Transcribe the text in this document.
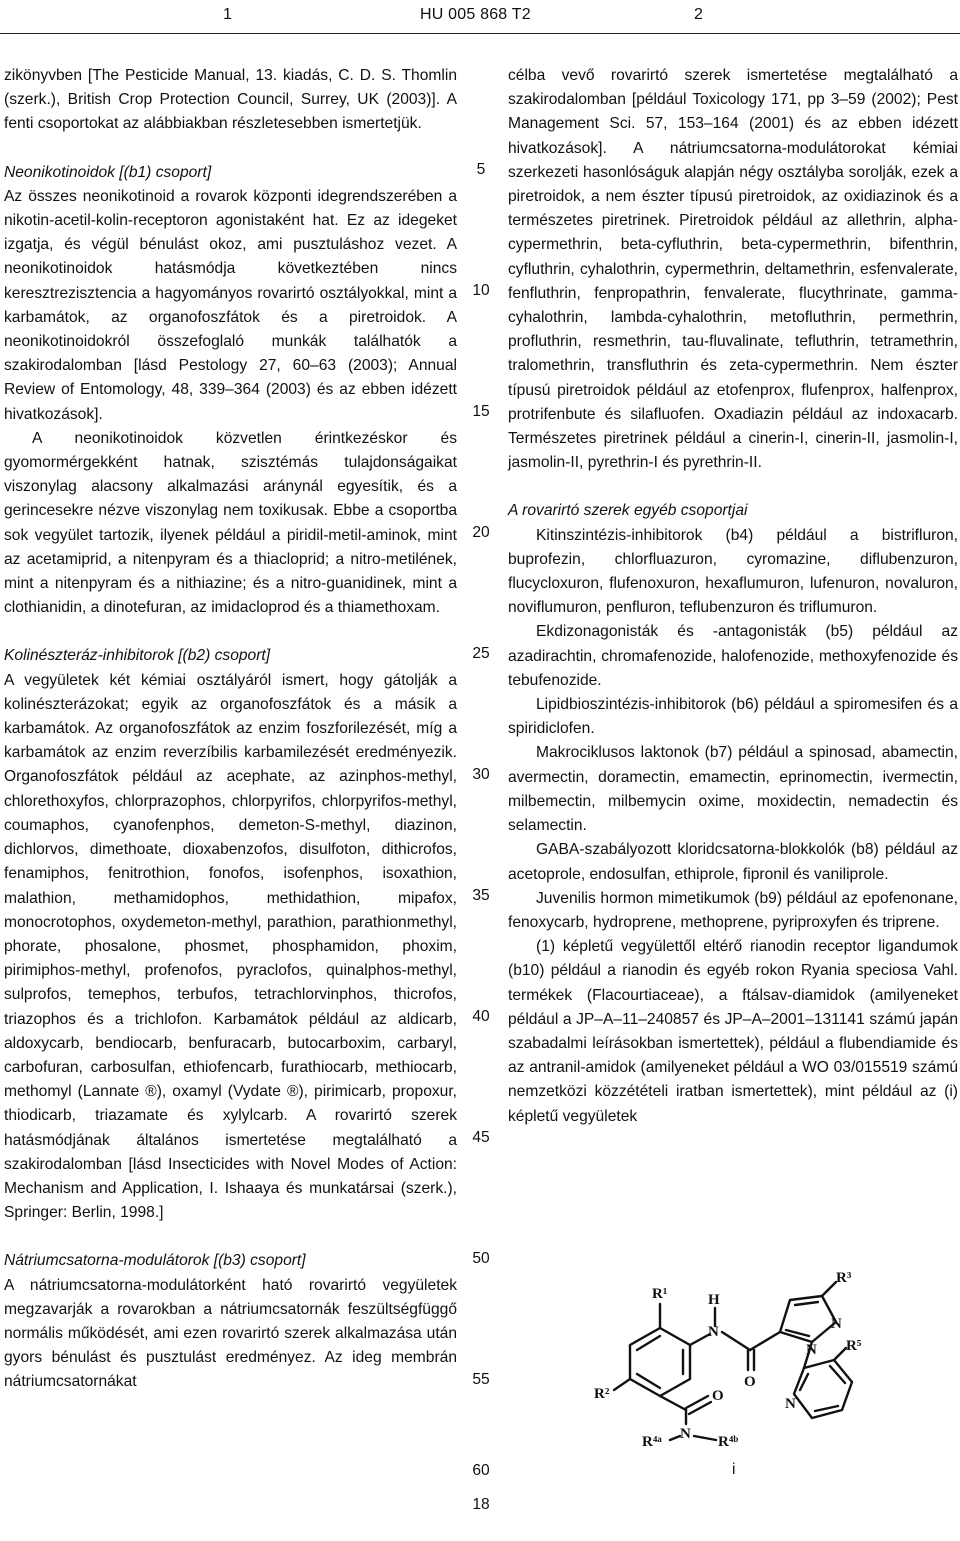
1	HU 005 868 T2	2

zikönyvben [The Pesticide Manual, 13. kiadás, C. D. S. Thomlin (szerk.), British Crop Protection Council, Surrey, UK (2003)]. A fenti csoportokat az alábbiakban részletesebben ismertetjük.

Neonikotinoidok [(b1) csoport]

Az összes neonikotinoid a rovarok központi idegrendszerében a nikotin-acetil-kolin-receptoron agonistaként hat. Ez az idegeket izgatja, és végül bénulást okoz, ami pusztuláshoz vezet. A neonikotinoidok hatásmódja következtében nincs keresztrezisztencia a hagyományos rovarirtó osztályokkal, mint a karbamátok, az organofoszfátok és a piretroidok. A neonikotinoidokról összefoglaló munkák találhatók a szakirodalomban [lásd Pestology 27, 60–63 (2003); Annual Review of Entomology, 48, 339–364 (2003) és az ebben idézett hivatkozások].

A neonikotinoidok közvetlen érintkezéskor és gyomormérgekként hatnak, szisztémás tulajdonságaikat viszonylag alacsony alkalmazási aránynál egyesítik, és a gerincesekre nézve viszonylag nem toxikusak. Ebbe a csoportba sok vegyület tartozik, ilyenek például a piridil-metil-aminok, mint az acetamiprid, a nitenpyram és a thiacloprid; a nitro-metilének, mint a nitenpyram és a nithiazine; és a nitro-guanidinek, mint a clothianidin, a dinotefuran, az imidacloprod és a thiamethoxam.

Kolinészteráz-inhibitorok [(b2) csoport]

A vegyületek két kémiai osztályáról ismert, hogy gátolják a kolinészterázokat; egyik az organofoszfátok és a másik a karbamátok. Az organofoszfátok az enzim foszforilezését, míg a karbamátok az enzim reverzíbilis karbamilezését eredményezik. Organofoszfátok például az acephate, az azinphos-methyl, chlorethoxyfos, chlorprazophos, chlorpyrifos, chlorpyrifos-methyl, coumaphos, cyanofenphos, demeton-S-methyl, diazinon, dichlorvos, dimethoate, dioxabenzofos, disulfoton, dithicrofos, fenamiphos, fenitrothion, fonofos, isofenphos, isoxathion, malathion, methamidophos, methidathion, mipafox, monocrotophos, oxydemeton-methyl, parathion, parathionmethyl, phorate, phosalone, phosmet, phosphamidon, phoxim, pirimiphos-methyl, profenofos, pyraclofos, quinalphos-methyl, sulprofos, temephos, terbufos, tetrachlorvinphos, thicrofos, triazophos és a trichlofon. Karbamátok például az aldicarb, aldoxycarb, bendiocarb, benfuracarb, butocarboxim, carbaryl, carbofuran, carbosulfan, ethiofencarb, furathiocarb, methiocarb, methomyl (Lannate ®), oxamyl (Vydate ®), pirimicarb, propoxur, thiodicarb, triazamate és xylylcarb. A rovarirtó szerek hatásmódjának általános ismertetése megtalálható a szakirodalomban [lásd Insecticides with Novel Modes of Action: Mechanism and Application, I. Ishaaya és munkatársai (szerk.), Springer: Berlin, 1998.]

Nátriumcsatorna-modulátorok [(b3) csoport]

A nátriumcsatorna-modulátorként ható rovarirtó vegyületek megzavarják a rovarokban a nátriumcsatornák feszültségfüggő normális működését, ami ezen rovarirtó szerek alkalmazása után gyors bénulást és pusztulást eredményez. Az ideg membrán nátriumcsatornákat

célba vevő rovarirtó szerek ismertetése megtalálható a szakirodalomban [például Toxicology 171, pp 3–59 (2002); Pest Management Sci. 57, 153–164 (2001) és az ebben idézett hivatkozások]. A nátriumcsatorna-modulátorokat kémiai szerkezeti hasonlóságuk alapján négy osztályba sorolják, ezek a piretroidok, a nem észter típusú piretroidok, az oxidiazinok és a természetes piretrinek. Piretroidok például az allethrin, alpha-cypermethrin, beta-cyfluthrin, beta-cypermethrin, bifenthrin, cyfluthrin, cyhalothrin, cypermethrin, deltamethrin, esfenvalerate, fenfluthrin, fenpropathrin, fenvalerate, flucythrinate, gamma-cyhalothrin, lambda-cyhalothrin, metofluthrin, permethrin, profluthrin, resmethrin, tau-fluvalinate, tefluthrin, tetramethrin, tralomethrin, transfluthrin és zeta-cypermethrin. Nem észter típusú piretroidok például az etofenprox, flufenprox, halfenprox, protrifenbute és silafluofen. Oxadiazin például az indoxacarb. Természetes piretrinek például a cinerin-I, cinerin-II, jasmolin-I, jasmolin-II, pyrethrin-I és pyrethrin-II.

A rovarirtó szerek egyéb csoportjai

Kitinszintézis-inhibitorok (b4) például a bistrifluron, buprofezin, chlorfluazuron, cyromazine, diflubenzuron, flucycloxuron, flufenoxuron, hexaflumuron, lufenuron, novaluron, noviflumuron, penfluron, teflubenzuron és triflumuron.

Ekdizonagonisták és -antagonisták (b5) például az azadirachtin, chromafenozide, halofenozide, methoxyfenozide és tebufenozide.

Lipidbioszintézis-inhibitorok (b6) például a spiromesifen és a spiridiclofen.

Makrociklusos laktonok (b7) például a spinosad, abamectin, avermectin, doramectin, emamectin, eprinomectin, ivermectin, milbemectin, milbemycin oxime, moxidectin, nemadectin és selamectin.

GABA-szabályozott kloridcsatorna-blokkolók (b8) például az acetoprole, endosulfan, ethiprole, fipronil és vaniliprole.

Juvenilis hormon mimetikumok (b9) például az epofenonane, fenoxycarb, hydroprene, methoprene, pyriproxyfen és triprene.

(1) képletű vegyülettől eltérő rianodin receptor ligandumok (b10) például a rianodin és egyéb rokon Ryania speciosa Vahl. termékek (Flacourtiaceae), a ftálsav-diamidok (amilyeneket például a JP–A–11–240857 és JP–A–2001–131141 számú japán szabadalmi leírásokban ismertettek), például a flubendiamide és az antranil-amidok (amilyeneket például a WO 03/015519 számú nemzetközi közzétételi iratban ismertettek), mint például az (i) képletű vegyületek

5
10
15
20
25
30
35
40
45
50
55
60
R¹	H
N
O
N
N
R³
R²	O	N
R⁵
N
R⁴ᵃ	R⁴ᵇ
i
18
